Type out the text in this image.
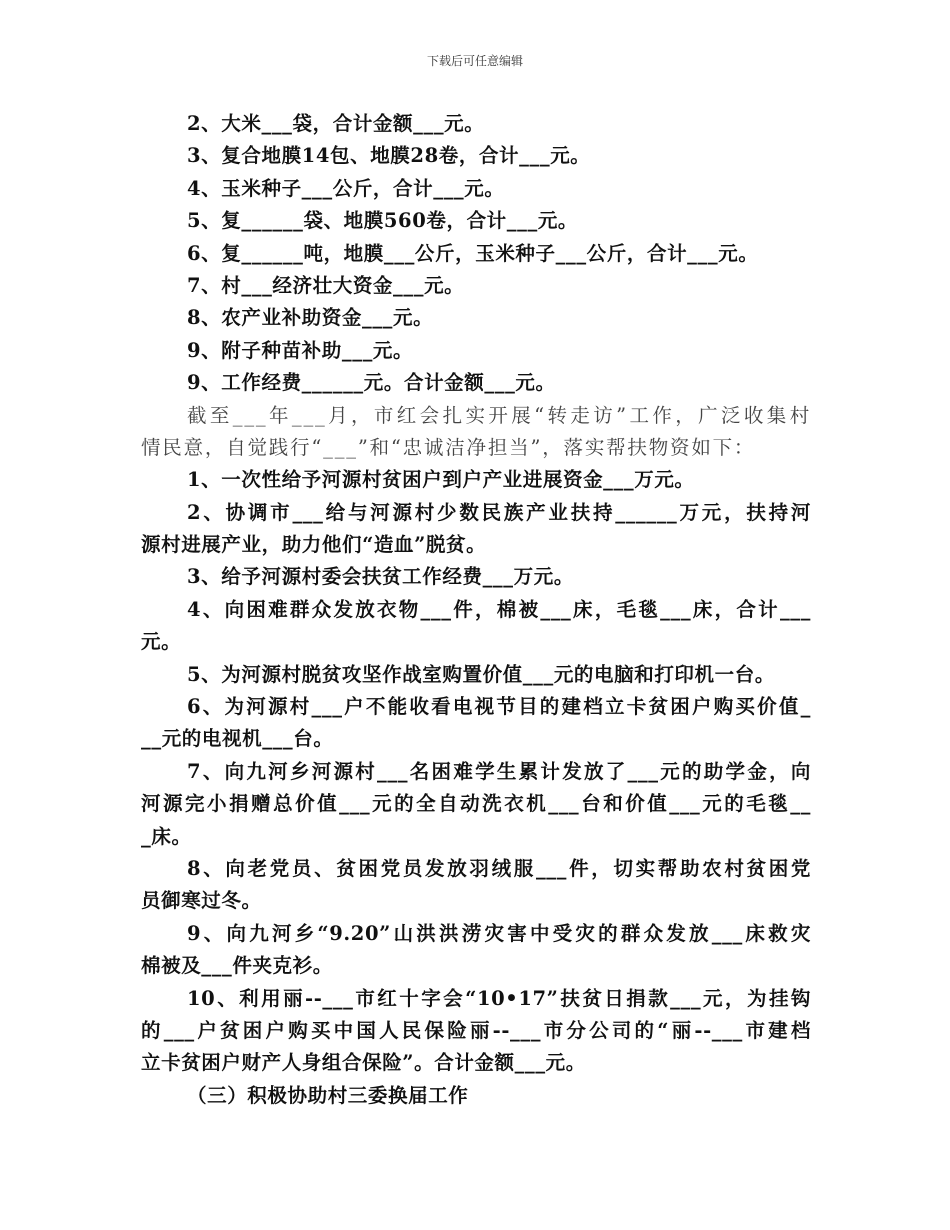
下载后可任意编辑
2、大米___袋，合计金额___元。
3、复合地膜14包、地膜28卷，合计___元。
4、玉米种子___公斤，合计___元。
5、复______袋、地膜560卷，合计___元。
6、复______吨，地膜___公斤，玉米种子___公斤，合计___元。
7、村___经济壮大资金___元。
8、农产业补助资金___元。
9、附子种苗补助___元。
9、工作经费______元。合计金额___元。
截至___年___月，市红会扎实开展“转走访”工作，广泛收集村
情民意，自觉践行“___”和“忠诚洁净担当”，落实帮扶物资如下：
1、一次性给予河源村贫困户到户产业进展资金___万元。
2、协调市___给与河源村少数民族产业扶持______万元，扶持河
源村进展产业，助力他们“造血”脱贫。
3、给予河源村委会扶贫工作经费___万元。
4、向困难群众发放衣物___件，棉被___床，毛毯___床，合计___
元。
5、为河源村脱贫攻坚作战室购置价值___元的电脑和打印机一台。
6、为河源村___户不能收看电视节目的建档立卡贫困户购买价值_
__元的电视机___台。
7、向九河乡河源村___名困难学生累计发放了___元的助学金，向
河源完小捐赠总价值___元的全自动洗衣机___台和价值___元的毛毯__
_床。
8、向老党员、贫困党员发放羽绒服___件，切实帮助农村贫困党
员御寒过冬。
9、向九河乡“9.20”山洪洪涝灾害中受灾的群众发放___床救灾
棉被及___件夹克衫。
10、利用丽--___市红十字会“10•17”扶贫日捐款___元，为挂钩
的___户贫困户购买中国人民保险丽--___市分公司的“丽--___市建档
立卡贫困户财产人身组合保险”。合计金额___元。
（三）积极协助村三委换届工作
